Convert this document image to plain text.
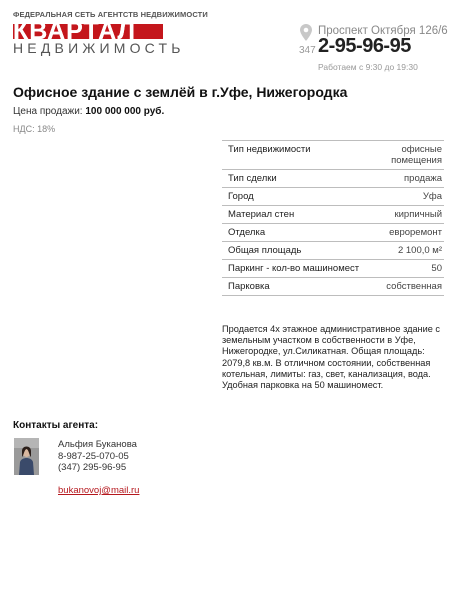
ФЕДЕРАЛЬНАЯ СЕТЬ АГЕНТСТВ НЕДВИЖИМОСТИ
КВАРТАЛ
НЕДВИЖИМОСТЬ
Проспект Октября 126/6
347 2-95-96-95
Работаем с 9:30 до 19:30
Офисное здание с землёй в г.Уфе, Нижегородка
Цена продажи: 100 000 000 руб.
НДС: 18%
Тип недвижимости	офисные помещения
Тип сделки	продажа
Город	Уфа
Материал стен	кирпичный
Отделка	евроремонт
Общая площадь	2 100,0 м²
Паркинг - кол-во машиномест	50
Парковка	собственная
Продается 4х этажное административное здание с земельным участком в собственности в Уфе, Нижегородке, ул.Силикатная. Общая площадь: 2079,8 кв.м. В отличном состоянии, собственная котельная, лимиты: газ, свет, канализация, вода. Удобная парковка на 50 машиномест.
Контакты агента:
Альфия Буканова
8-987-25-070-05
(347) 295-96-95
bukanovoj@mail.ru
